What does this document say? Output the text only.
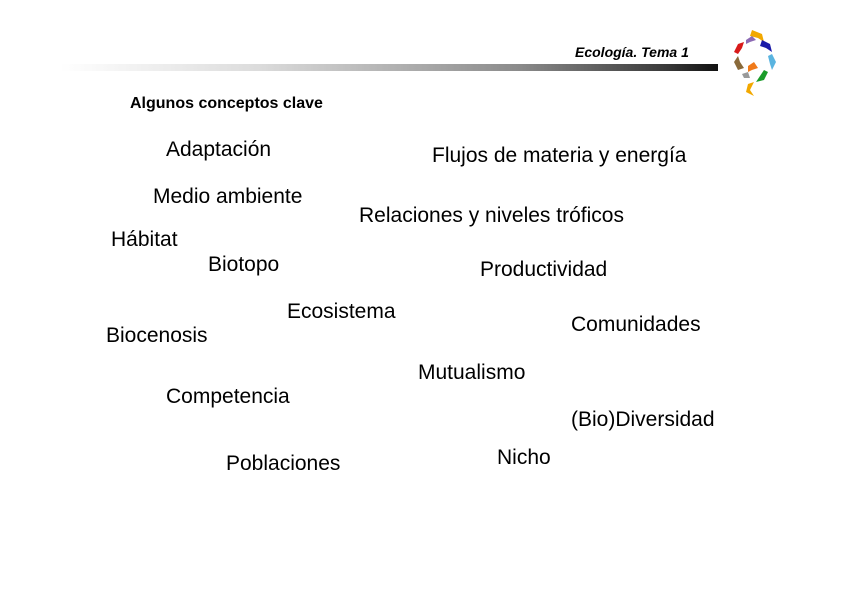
Ecología. Tema 1
Algunos conceptos clave
Adaptación	Flujos de materia y energía
Medio ambiente
Relaciones y niveles tróficos
Hábitat
Biotopo	Productividad
Ecosistema
Biocenosis	Comunidades
Mutualismo
Competencia
(Bio)Diversidad
Poblaciones	Nicho
